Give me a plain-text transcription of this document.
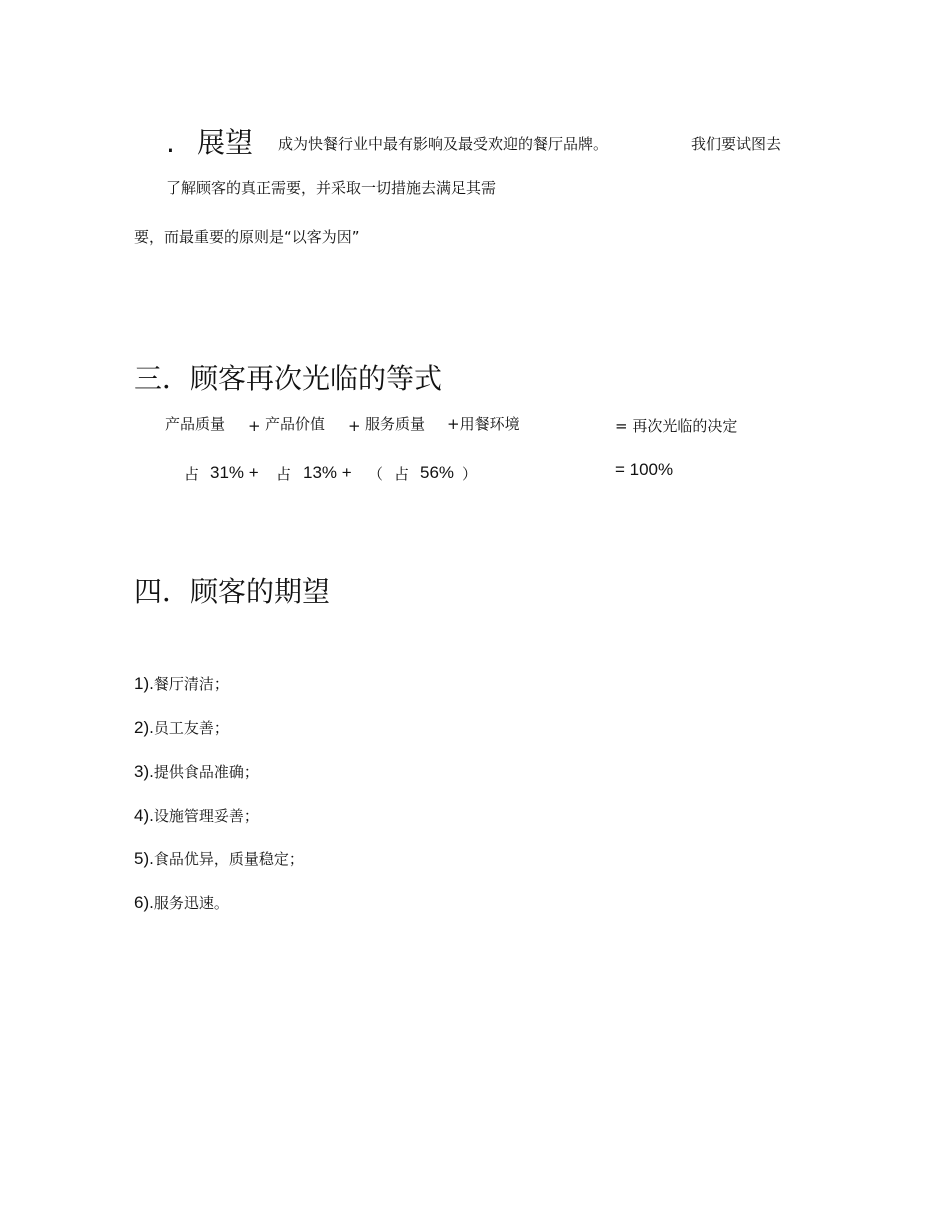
. 展望 成为快餐行业中最有影响及最受欢迎的餐厅品牌。	我们要试图去
了解顾客的真正需要，并采取一切措施去满足其需
要，而最重要的原则是“以客为因”
三．顾客再次光临的等式
产品质量 + 产品价值 + 服务质量 +用餐环境	= 再次光临的决定
占 31% + 占 13% + （ 占 56% ）	= 100%
四．顾客的期望
1).餐厅清洁；
2).员工友善；
3).提供食品准确；
4).设施管理妥善；
5).食品优异，质量稳定；
6).服务迅速。
